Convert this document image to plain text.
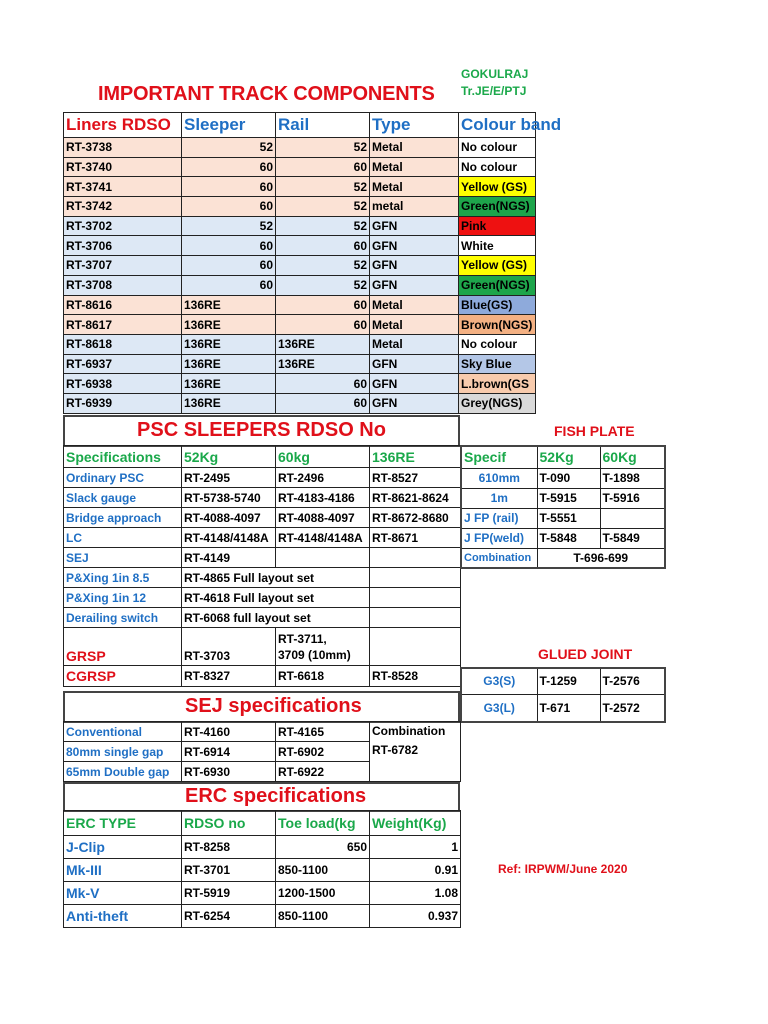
GOKULRAJ
Tr.JE/E/PTJ
IMPORTANT TRACK COMPONENTS
Liners RDSO	Sleeper	Rail	Type	Colour band
RT-3738	52	52	Metal	No colour
RT-3740	60	60	Metal	No colour
RT-3741	60	52	Metal	Yellow (GS)
RT-3742	60	52	metal	Green(NGS)
RT-3702	52	52	GFN	Pink
RT-3706	60	60	GFN	White
RT-3707	60	52	GFN	Yellow (GS)
RT-3708	60	52	GFN	Green(NGS)
RT-8616	136RE	60	Metal	Blue(GS)
RT-8617	136RE	60	Metal	Brown(NGS)
RT-8618	136RE	136RE	Metal	No colour
RT-6937	136RE	136RE	GFN	Sky Blue
RT-6938	136RE	60	GFN	L.brown(GS
RT-6939	136RE	60	GFN	Grey(NGS)
PSC SLEEPERS RDSO No
Specifications	52Kg	60kg	136RE
Ordinary PSC	RT-2495	RT-2496	RT-8527
Slack gauge	RT-5738-5740	RT-4183-4186	RT-8621-8624
Bridge approach	RT-4088-4097	RT-4088-4097	RT-8672-8680
LC	RT-4148/4148A	RT-4148/4148A	RT-8671
SEJ	RT-4149		
P&Xing 1in 8.5	RT-4865 Full layout set		
P&Xing 1in 12	RT-4618 Full layout set		
Derailing switch	RT-6068 full layout set		
GRSP	RT-3703	RT-3711,
3709 (10mm)	

CGRSP	RT-8327	RT-6618	RT-8528
FISH PLATE
Specif	52Kg	60Kg
610mm	T-090	T-1898
1m	T-5915	T-5916
J FP (rail)	T-5551	
J FP(weld)	T-5848	T-5849
Combination	T-696-699	
GLUED JOINT
G3(S)	T-1259	T-2576
G3(L)	T-671	T-2572
SEJ specifications
Conventional	RT-4160	RT-4165	Combination
RT-6782

80mm single gap	RT-6914	RT-6902	
65mm Double gap	RT-6930	RT-6922	
ERC specifications
ERC TYPE	RDSO no	Toe load(kg	Weight(Kg)
J-Clip	RT-8258	650	1
Mk-III	RT-3701	850-1100	0.91
Mk-V	RT-5919	1200-1500	1.08
Anti-theft	RT-6254	850-1100	0.937
Ref: IRPWM/June 2020
